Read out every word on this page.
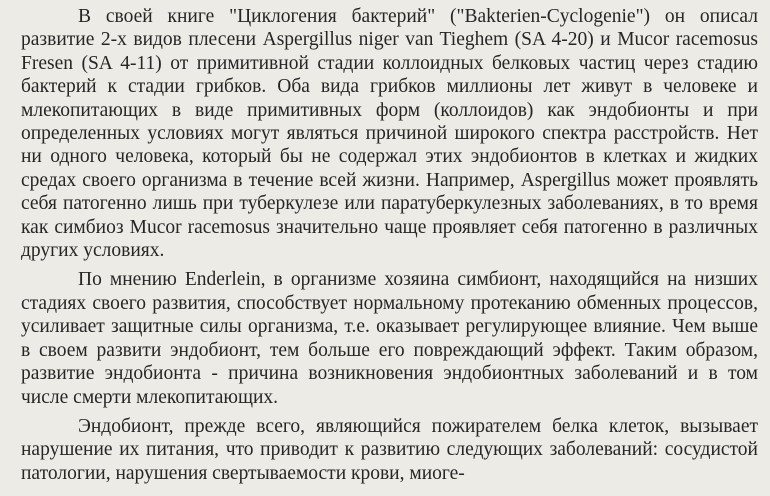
В своей книге "Циклогения бактерий" ("Bakterien-Cyclogenie") он описал развитие 2-х видов плесени Aspergillus niger van Tieghem (SA 4-20) и Mucor racemosus Fresen (SA 4-11) от примитивной стадии коллоидных белковых частиц через стадию бактерий к стадии грибков. Оба вида грибков миллионы лет живут в человеке и млекопитающих в виде примитивных форм (коллоидов) как эндобионты и при определенных условиях могут являться причиной широкого спектра расстройств. Нет ни одного человека, который бы не содержал этих эндобионтов в клетках и жидких средах своего организма в течение всей жизни. Например, Aspergillus может проявлять себя патогенно лишь при туберкулезе или паратуберкулезных заболеваниях, в то время как симбиоз Mucor racemosus значительно чаще проявляет себя патогенно в различных других условиях.

По мнению Enderlein, в организме хозяина симбионт, находящийся на низших стадиях своего развития, способствует нормальному протеканию обменных процессов, усиливает защитные силы организма, т.е. оказывает регулирующее влияние. Чем выше в своем развити эндобионт, тем больше его повреждающий эффект. Таким образом, развитие эндобионта - причина возникновения эндобионтных заболеваний и в том числе смерти млекопитающих.

Эндобионт, прежде всего, являющийся пожирателем белка клеток, вызывает нарушение их питания, что приводит к развитию следующих заболеваний: сосудистой патологии, нарушения свертываемости крови, миоге-
